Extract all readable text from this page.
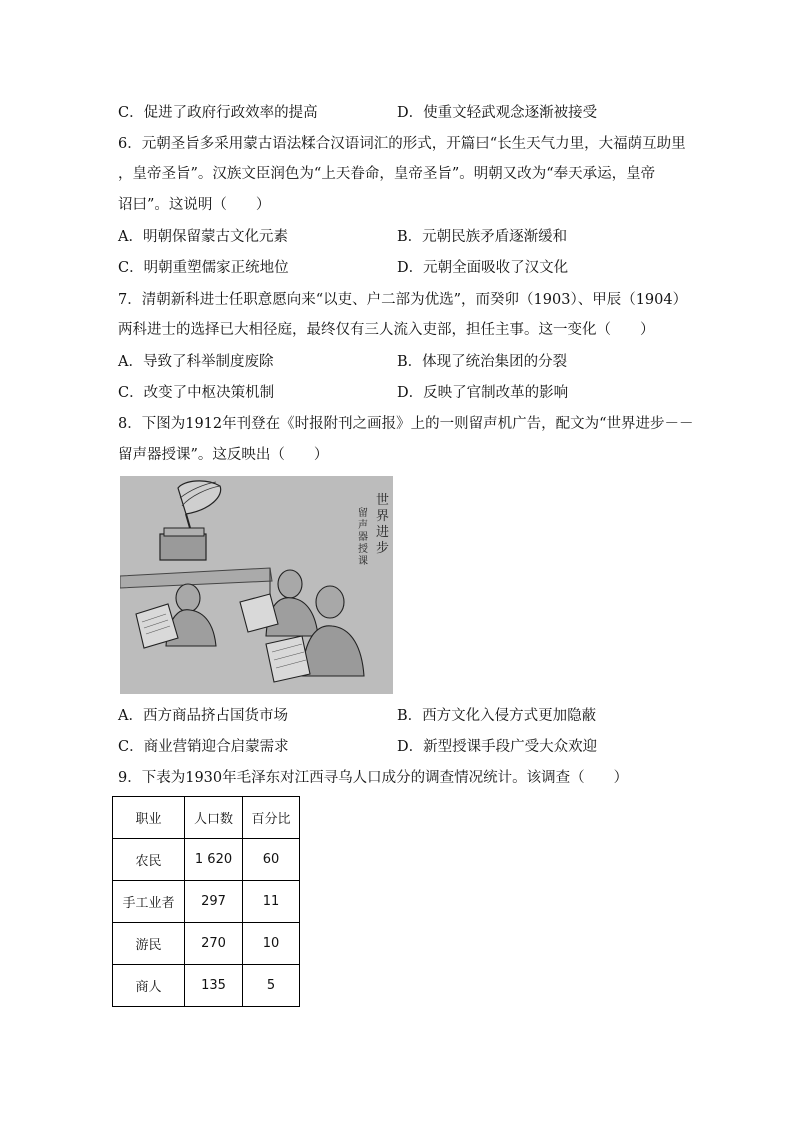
C．促进了政府行政效率的提高	D．使重文轻武观念逐渐被接受
6．元朝圣旨多采用蒙古语法糅合汉语词汇的形式，开篇曰“长生天气力里，大福荫互助里
，皇帝圣旨”。汉族文臣润色为“上天眷命，皇帝圣旨”。明朝又改为“奉天承运，皇帝
诏曰”。这说明（　　）
A．明朝保留蒙古文化元素	B．元朝民族矛盾逐渐缓和
C．明朝重塑儒家正统地位	D．元朝全面吸收了汉文化
7．清朝新科进士任职意愿向来“以吏、户二部为优选”，而癸卯（1903）、甲辰（1904）
两科进士的选择已大相径庭，最终仅有三人流入吏部，担任主事。这一变化（　　）
A．导致了科举制度废除	B．体现了统治集团的分裂
C．改变了中枢决策机制	D．反映了官制改革的影响
8．下图为1912年刊登在《时报附刊之画报》上的一则留声机广告，配文为“世界进步－－
留声器授课”。这反映出（　　）
世界进步
留声器授课
A．西方商品挤占国货市场	B．西方文化入侵方式更加隐蔽
C．商业营销迎合启蒙需求	D．新型授课手段广受大众欢迎
9．下表为1930年毛泽东对江西寻乌人口成分的调查情况统计。该调查（　　）
职业	人口数	百分比
农民	1 620	60
手工业者	297	11
游民	270	10
商人	135	5
